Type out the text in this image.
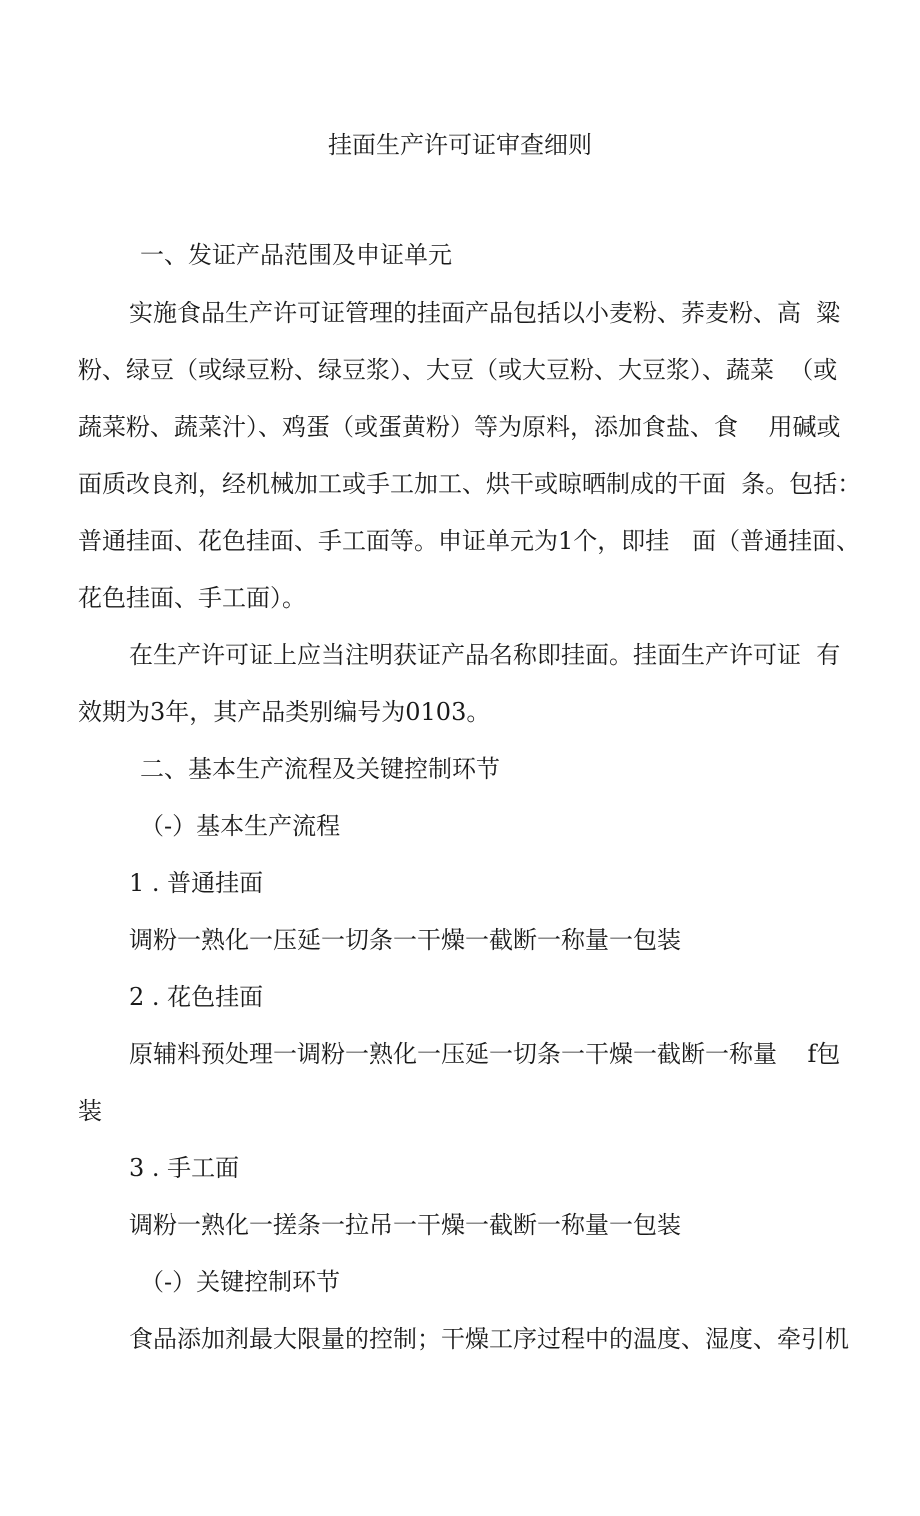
挂面生产许可证审查细则

一、发证产品范围及申证单元

实施食品生产许可证管理的挂面产品包括以小麦粉、荞麦粉、高  粱

粉、绿豆（或绿豆粉、绿豆浆）、大豆（或大豆粉、大豆浆）、蔬菜  （或

蔬菜粉、蔬菜汁）、鸡蛋（或蛋黄粉）等为原料，添加食盐、食    用碱或

面质改良剂，经机械加工或手工加工、烘干或晾晒制成的干面  条。包括：

普通挂面、花色挂面、手工面等。申证单元为1个，即挂   面（普通挂面、

花色挂面、手工面）。

在生产许可证上应当注明获证产品名称即挂面。挂面生产许可证  有

效期为3年，其产品类别编号为0103。

二、基本生产流程及关键控制环节

（-）基本生产流程

1 . 普通挂面

调粉一熟化一压延一切条一干燥一截断一称量一包装

2 . 花色挂面

原辅料预处理一调粉一熟化一压延一切条一干燥一截断一称量    f包

装

3 . 手工面

调粉一熟化一搓条一拉吊一干燥一截断一称量一包装

（-）关键控制环节

食品添加剂最大限量的控制；干燥工序过程中的温度、湿度、牵引机
